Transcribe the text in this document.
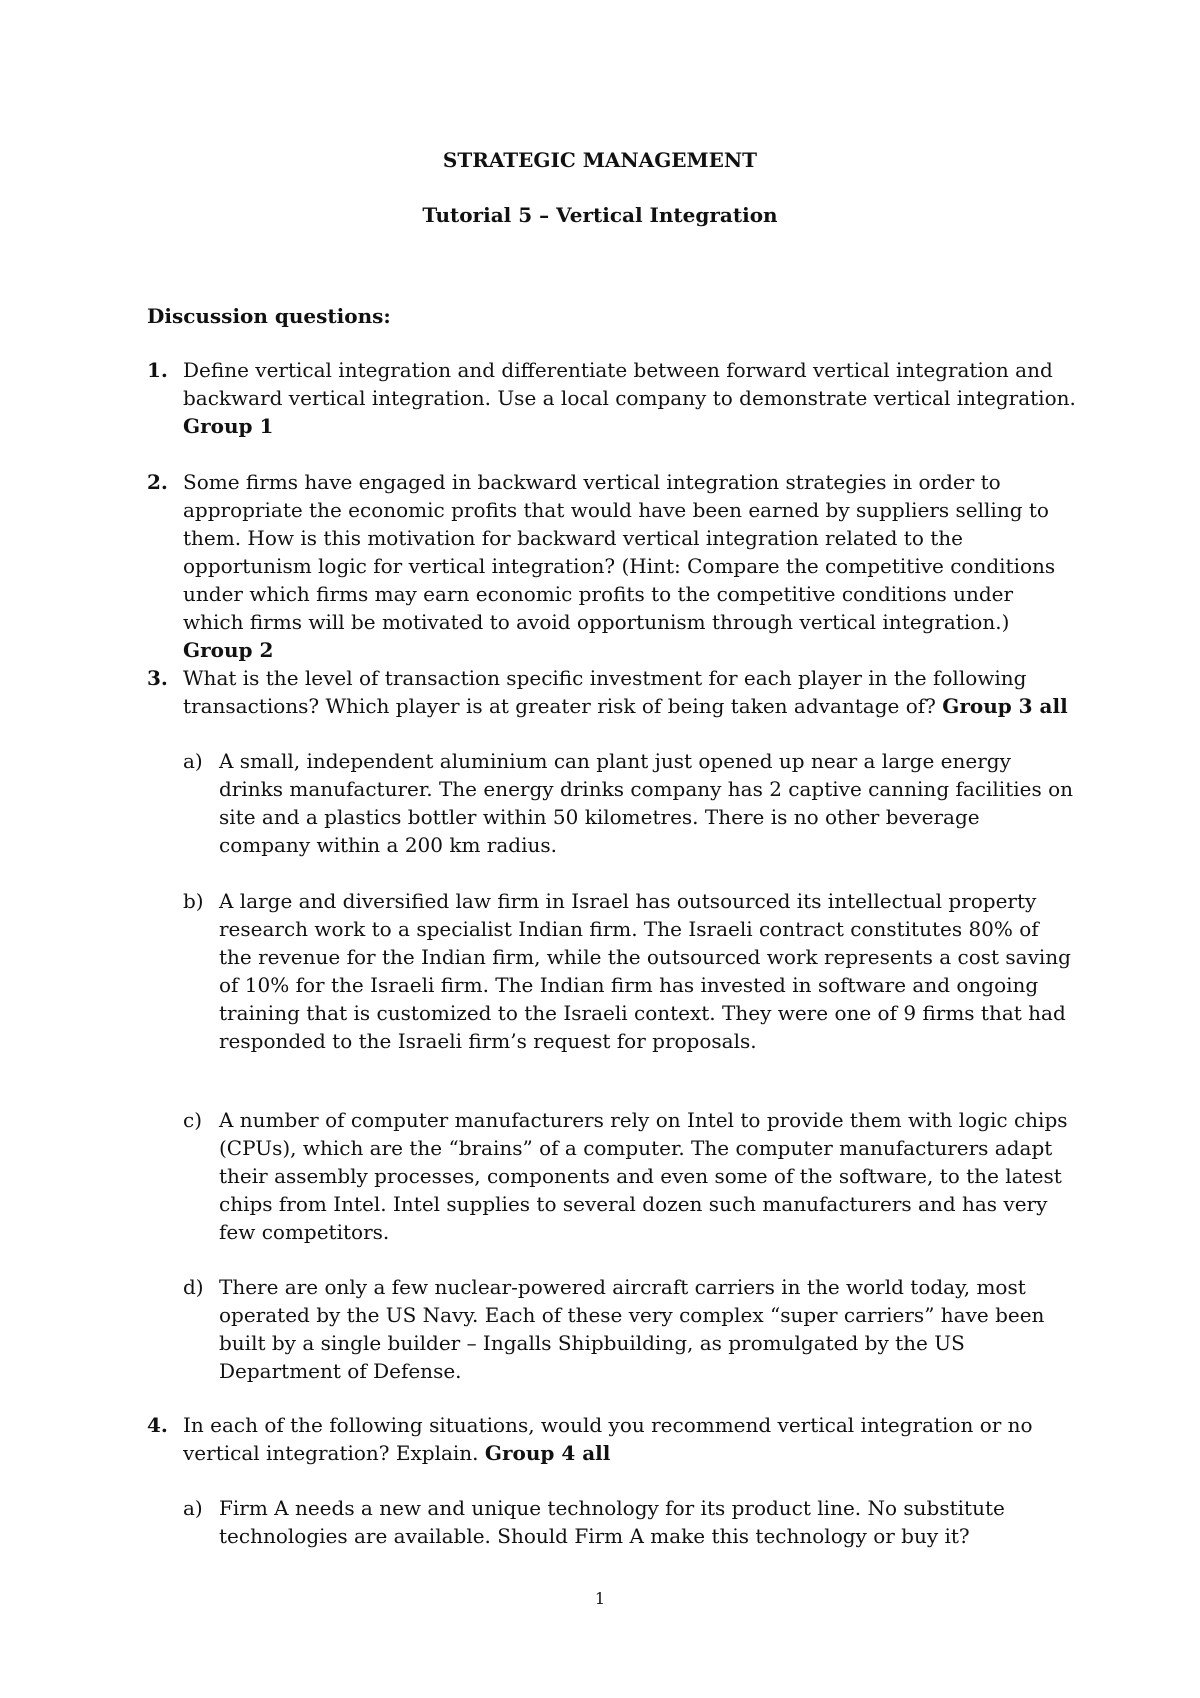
STRATEGIC MANAGEMENT
Tutorial 5 – Vertical Integration
Discussion questions:
1. Define vertical integration and differentiate between forward vertical integration and backward vertical integration. Use a local company to demonstrate vertical integration.
Group 1
2. Some firms have engaged in backward vertical integration strategies in order to appropriate the economic profits that would have been earned by suppliers selling to them. How is this motivation for backward vertical integration related to the opportunism logic for vertical integration? (Hint: Compare the competitive conditions under which firms may earn economic profits to the competitive conditions under which firms will be motivated to avoid opportunism through vertical integration.) Group 2
3. What is the level of transaction specific investment for each player in the following transactions? Which player is at greater risk of being taken advantage of? Group 3 all
a) A small, independent aluminium can plant just opened up near a large energy drinks manufacturer. The energy drinks company has 2 captive canning facilities on site and a plastics bottler within 50 kilometres. There is no other beverage company within a 200 km radius.
b) A large and diversified law firm in Israel has outsourced its intellectual property research work to a specialist Indian firm. The Israeli contract constitutes 80% of the revenue for the Indian firm, while the outsourced work represents a cost saving of 10% for the Israeli firm. The Indian firm has invested in software and ongoing training that is customized to the Israeli context. They were one of 9 firms that had responded to the Israeli firm’s request for proposals.
c) A number of computer manufacturers rely on Intel to provide them with logic chips (CPUs), which are the “brains” of a computer. The computer manufacturers adapt their assembly processes, components and even some of the software, to the latest chips from Intel. Intel supplies to several dozen such manufacturers and has very few competitors.
d) There are only a few nuclear-powered aircraft carriers in the world today, most operated by the US Navy. Each of these very complex “super carriers” have been built by a single builder – Ingalls Shipbuilding, as promulgated by the US Department of Defense.
4. In each of the following situations, would you recommend vertical integration or no vertical integration? Explain. Group 4 all
a) Firm A needs a new and unique technology for its product line. No substitute technologies are available. Should Firm A make this technology or buy it?
1
